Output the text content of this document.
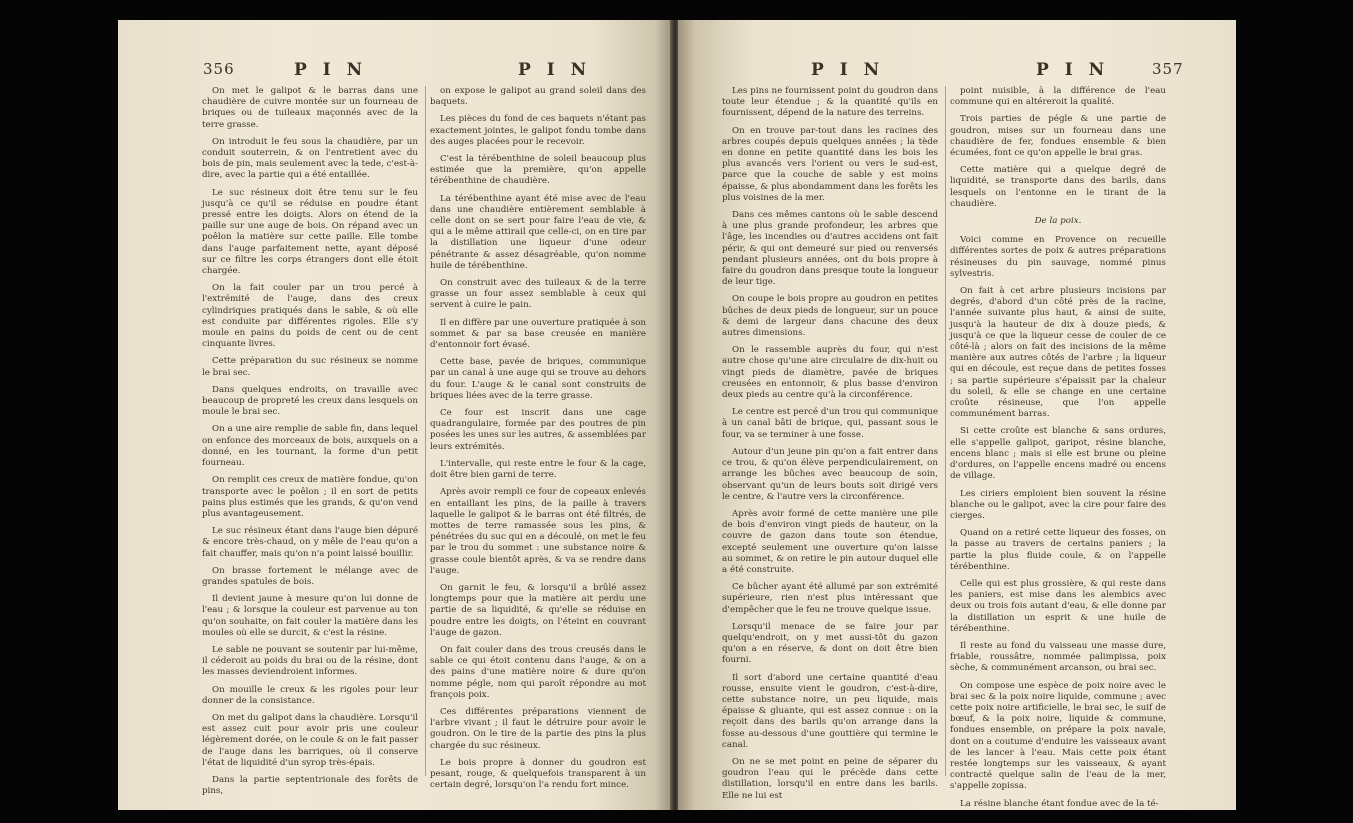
356	P I N	P I N

On met le galipot & le barras dans une chaudière de cuivre montée sur un fourneau de briques ou de tuileaux maçonnés avec de la terre grasse.

On introduit le feu sous la chaudière, par un conduit souterrein, & on l'entretient avec du bois de pin, mais seulement avec la tede, c'est-à-dire, avec la partie qui a été entaillée.

Le suc résineux doit être tenu sur le feu jusqu'à ce qu'il se réduise en poudre étant pressé entre les doigts. Alors on étend de la paille sur une auge de bois. On répand avec un poêlon la matière sur cette paille. Elle tombe dans l'auge parfaitement nette, ayant déposé sur ce filtre les corps étrangers dont elle étoit chargée.

On la fait couler par un trou percé à l'extrémité de l'auge, dans des creux cylindriques pratiqués dans le sable, & où elle est conduite par différentes rigoles. Elle s'y moule en pains du poids de cent ou de cent cinquante livres.

Cette préparation du suc résineux se nomme le brai sec.

Dans quelques endroits, on travaille avec beaucoup de propreté les creux dans lesquels on moule le brai sec.

On a une aire remplie de sable fin, dans lequel on enfonce des morceaux de bois, auxquels on a donné, en les tournant, la forme d'un petit fourneau.

On remplit ces creux de matière fondue, qu'on transporte avec le poêlon ; il en sort de petits pains plus estimés que les grands, & qu'on vend plus avantageusement.

Le suc résineux étant dans l'auge bien dépuré & encore très-chaud, on y mêle de l'eau qu'on a fait chauffer, mais qu'on n'a point laissé bouillir.

On brasse fortement le mélange avec de grandes spatules de bois.

Il devient jaune à mesure qu'on lui donne de l'eau ; & lorsque la couleur est parvenue au ton qu'on souhaite, on fait couler la matière dans les moules où elle se durcit, & c'est la résine.

Le sable ne pouvant se soutenir par lui-même, il céderoit au poids du brai ou de la résine, dont les masses deviendroient informes.

On mouille le creux & les rigoles pour leur donner de la consistance.

On met du galipot dans la chaudière. Lorsqu'il est assez cuit pour avoir pris une couleur légèrement dorée, on le coule & on le fait passer de l'auge dans les barriques, où il conserve l'état de liquidité d'un syrop très-épais.

Dans la partie septentrionale des forêts de pins,

on expose le galipot au grand soleil dans des baquets.

Les pièces du fond de ces baquets n'étant pas exactement jointes, le galipot fondu tombe dans des auges placées pour le recevoir.

C'est la térébenthine de soleil beaucoup plus estimée que la première, qu'on appelle térébenthine de chaudière.

La térébenthine ayant été mise avec de l'eau dans une chaudière entièrement semblable à celle dont on se sert pour faire l'eau de vie, & qui a le même attirail que celle-ci, on en tire par la distillation une liqueur d'une odeur pénétrante & assez désagréable, qu'on nomme huile de térébenthine.

On construit avec des tuileaux & de la terre grasse un four assez semblable à ceux qui servent à cuire le pain.

Il en diffère par une ouverture pratiquée à son sommet & par sa base creusée en manière d'entonnoir fort évasé.

Cette base, pavée de briques, communique par un canal à une auge qui se trouve au dehors du four. L'auge & le canal sont construits de briques liées avec de la terre grasse.

Ce four est inscrit dans une cage quadrangulaire, formée par des poutres de pin posées les unes sur les autres, & assemblées par leurs extrémités.

L'intervalle, qui reste entre le four & la cage, doit être bien garni de terre.

Après avoir rempli ce four de copeaux enlevés en entaillant les pins, de la paille à travers laquelle le galipot & le barras ont été filtrés, de mottes de terre ramassée sous les pins, & pénétrées du suc qui en a découlé, on met le feu par le trou du sommet : une substance noire & grasse coule bientôt après, & va se rendre dans l'auge.

On garnit le feu, & lorsqu'il a brûlé assez longtemps pour que la matière ait perdu une partie de sa liquidité, & qu'elle se réduise en poudre entre les doigts, on l'éteint en couvrant l'auge de gazon.

On fait couler dans des trous creusés dans le sable ce qui étoit contenu dans l'auge, & on a des pains d'une matière noire & dure qu'on nomme pégle, nom qui paroît répondre au mot françois poix.

Ces différentes préparations viennent de l'arbre vivant ; il faut le détruire pour avoir le goudron. On le tire de la partie des pins la plus chargée du suc résineux.

Le bois propre à donner du goudron est pesant, rouge, & quelquefois transparent à un certain degré, lorsqu'on l'a rendu fort mince.

P I N	P I N	357

Les pins ne fournissent point du goudron dans toute leur étendue ; & la quantité qu'ils en fournissent, dépend de la nature des terreins.

On en trouve par-tout dans les racines des arbres coupés depuis quelques années ; la tède en donne en petite quantité dans les bois les plus avancés vers l'orient ou vers le sud-est, parce que la couche de sable y est moins épaisse, & plus abondamment dans les forêts les plus voisines de la mer.

Dans ces mêmes cantons où le sable descend à une plus grande profondeur, les arbres que l'âge, les incendies ou d'autres accidens ont fait périr, & qui ont demeuré sur pied ou renversés pendant plusieurs années, ont du bois propre à faire du goudron dans presque toute la longueur de leur tige.

On coupe le bois propre au goudron en petites bûches de deux pieds de longueur, sur un pouce & demi de largeur dans chacune des deux autres dimensions.

On le rassemble auprès du four, qui n'est autre chose qu'une aire circulaire de dix-huit ou vingt pieds de diamètre, pavée de briques creusées en entonnoir, & plus basse d'environ deux pieds au centre qu'à la circonférence.

Le centre est percé d'un trou qui communique à un canal bâti de brique, qui, passant sous le four, va se terminer à une fosse.

Autour d'un jeune pin qu'on a fait entrer dans ce trou, & qu'on élève perpendiculairement, on arrange les bûches avec beaucoup de soin, observant qu'un de leurs bouts soit dirigé vers le centre, & l'autre vers la circonférence.

Après avoir formé de cette manière une pile de bois d'environ vingt pieds de hauteur, on la couvre de gazon dans toute son étendue, excepté seulement une ouverture qu'on laisse au sommet, & on retire le pin autour duquel elle a été construite.

Ce bûcher ayant été allumé par son extrémité supérieure, rien n'est plus intéressant que d'empêcher que le feu ne trouve quelque issue.

Lorsqu'il menace de se faire jour par quelqu'endroit, on y met aussi-tôt du gazon qu'on a en réserve, & dont on doit être bien fourni.

Il sort d'abord une certaine quantité d'eau rousse, ensuite vient le goudron, c'est-à-dire, cette substance noire, un peu liquide, mais épaisse & gluante, qui est assez connue : on la reçoit dans des barils qu'on arrange dans la fosse au-dessous d'une gouttière qui termine le canal.

On ne se met point en peine de séparer du goudron l'eau qui le précède dans cette distillation, lorsqu'il en entre dans les barils. Elle ne lui est

point nuisible, à la différence de l'eau commune qui en altéreroit la qualité.

Trois parties de pégle & une partie de goudron, mises sur un fourneau dans une chaudière de fer, fondues ensemble & bien écumées, font ce qu'on appelle le brai gras.

Cette matière qui a quelque degré de liquidité, se transporte dans des barils, dans lesquels on l'entonne en le tirant de la chaudière.

De la poix.

Voici comme en Provence on recueille différentes sortes de poix & autres préparations résineuses du pin sauvage, nommé pinus sylvestris.

On fait à cet arbre plusieurs incisions par degrés, d'abord d'un côté près de la racine, l'année suivante plus haut, & ainsi de suite, jusqu'à la hauteur de dix à douze pieds, & jusqu'à ce que la liqueur cesse de couler de ce côté-là ; alors on fait des incisions de la même manière aux autres côtés de l'arbre ; la liqueur qui en découle, est reçue dans de petites fosses ; sa partie supérieure s'épaissit par la chaleur du soleil, & elle se change en une certaine croûte résineuse, que l'on appelle communément barras.

Si cette croûte est blanche & sans ordures, elle s'appelle galipot, garipot, résine blanche, encens blanc ; mais si elle est brune ou pleine d'ordures, on l'appelle encens madré ou encens de village.

Les ciriers emploient bien souvent la résine blanche ou le galipot, avec la cire pour faire des cierges.

Quand on a retiré cette liqueur des fosses, on la passe au travers de certains paniers ; la partie la plus fluide coule, & on l'appelle térébenthine.

Celle qui est plus grossière, & qui reste dans les paniers, est mise dans les alembics avec deux ou trois fois autant d'eau, & elle donne par la distillation un esprit & une huile de térébenthine.

Il reste au fond du vaisseau une masse dure, friable, roussâtre, nommée palimpissa, poix sèche, & communément arcanson, ou brai sec.

On compose une espèce de poix noire avec le brai sec & la poix noire liquide, commune ; avec cette poix noire artificielle, le brai sec, le suif de bœuf, & la poix noire, liquide & commune, fondues ensemble, on prépare la poix navale, dont on a coutume d'enduire les vaisseaux avant de les lancer à l'eau. Mais cette poix étant restée longtemps sur les vaisseaux, & ayant contracté quelque salin de l'eau de la mer, s'appelle zopissa.

La résine blanche étant fondue avec de la té-
